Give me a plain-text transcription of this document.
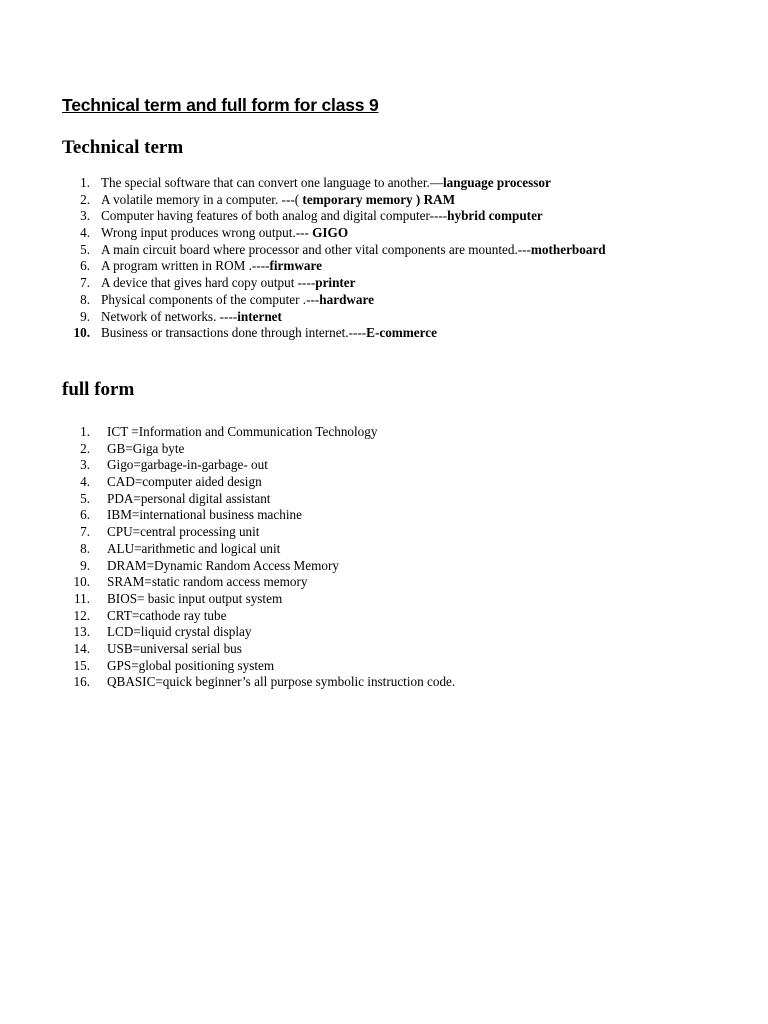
Technical term and full form for class 9
Technical term
1. The special software that can convert one language to another.—language processor
2. A volatile memory in a computer. ---( temporary memory ) RAM
3. Computer having features of both analog and digital computer----hybrid computer
4. Wrong input produces wrong output.--- GIGO
5. A main circuit board where processor and other vital components are mounted.---motherboard
6. A program written in ROM .----firmware
7. A device that gives hard copy output ----printer
8. Physical components of the computer .---hardware
9. Network of networks. ----internet
10. Business or transactions done through internet.----E-commerce
full form
1. ICT =Information and Communication Technology
2. GB=Giga byte
3. Gigo=garbage-in-garbage- out
4. CAD=computer aided design
5. PDA=personal digital assistant
6. IBM=international business machine
7. CPU=central processing unit
8. ALU=arithmetic and logical unit
9. DRAM=Dynamic Random Access Memory
10. SRAM=static random access memory
11. BIOS= basic input output system
12. CRT=cathode ray tube
13. LCD=liquid crystal display
14. USB=universal serial bus
15. GPS=global positioning system
16. QBASIC=quick beginner’s all purpose symbolic instruction code.
